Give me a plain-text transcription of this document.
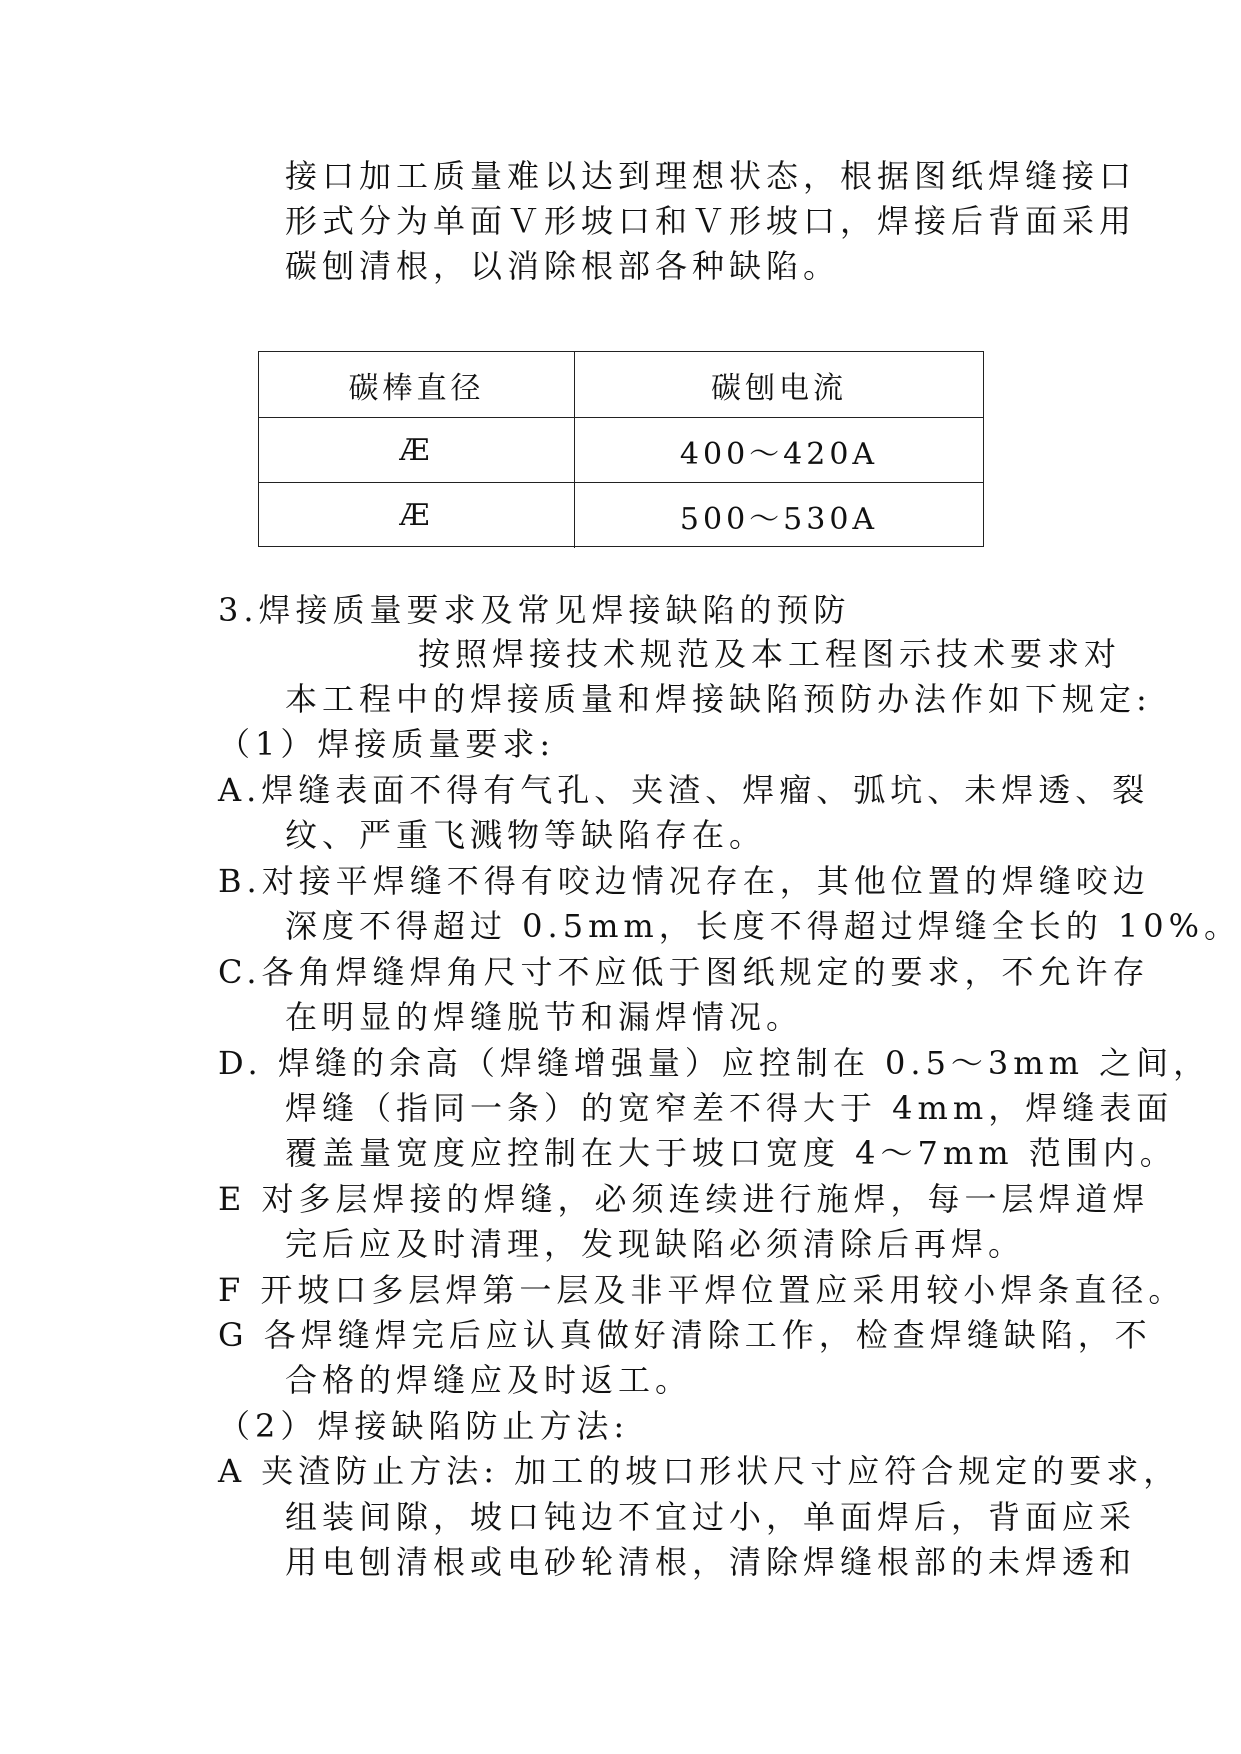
接口加工质量难以达到理想状态，根据图纸焊缝接口
形式分为单面Ｖ形坡口和Ｖ形坡口，焊接后背面采用
碳刨清根，以消除根部各种缺陷。
碳棒直径	碳刨电流
Æ	400～420A
Æ	500～530A
3.焊接质量要求及常见焊接缺陷的预防
按照焊接技术规范及本工程图示技术要求对
本工程中的焊接质量和焊接缺陷预防办法作如下规定:
（1）焊接质量要求:
A.焊缝表面不得有气孔、夹渣、焊瘤、弧坑、未焊透、裂
纹、严重飞溅物等缺陷存在。
B.对接平焊缝不得有咬边情况存在，其他位置的焊缝咬边
深度不得超过 0.5mm，长度不得超过焊缝全长的 10%。
C.各角焊缝焊角尺寸不应低于图纸规定的要求，不允许存
在明显的焊缝脱节和漏焊情况。
D. 焊缝的余高（焊缝增强量）应控制在 0.5～3mm 之间，
焊缝（指同一条）的宽窄差不得大于 4mm，焊缝表面
覆盖量宽度应控制在大于坡口宽度 4～7mm 范围内。
E 对多层焊接的焊缝，必须连续进行施焊，每一层焊道焊
完后应及时清理，发现缺陷必须清除后再焊。
F 开坡口多层焊第一层及非平焊位置应采用较小焊条直径。
G 各焊缝焊完后应认真做好清除工作，检查焊缝缺陷，不
合格的焊缝应及时返工。
（2）焊接缺陷防止方法:
A 夹渣防止方法: 加工的坡口形状尺寸应符合规定的要求，
组装间隙，坡口钝边不宜过小，单面焊后，背面应采
用电刨清根或电砂轮清根，清除焊缝根部的未焊透和
